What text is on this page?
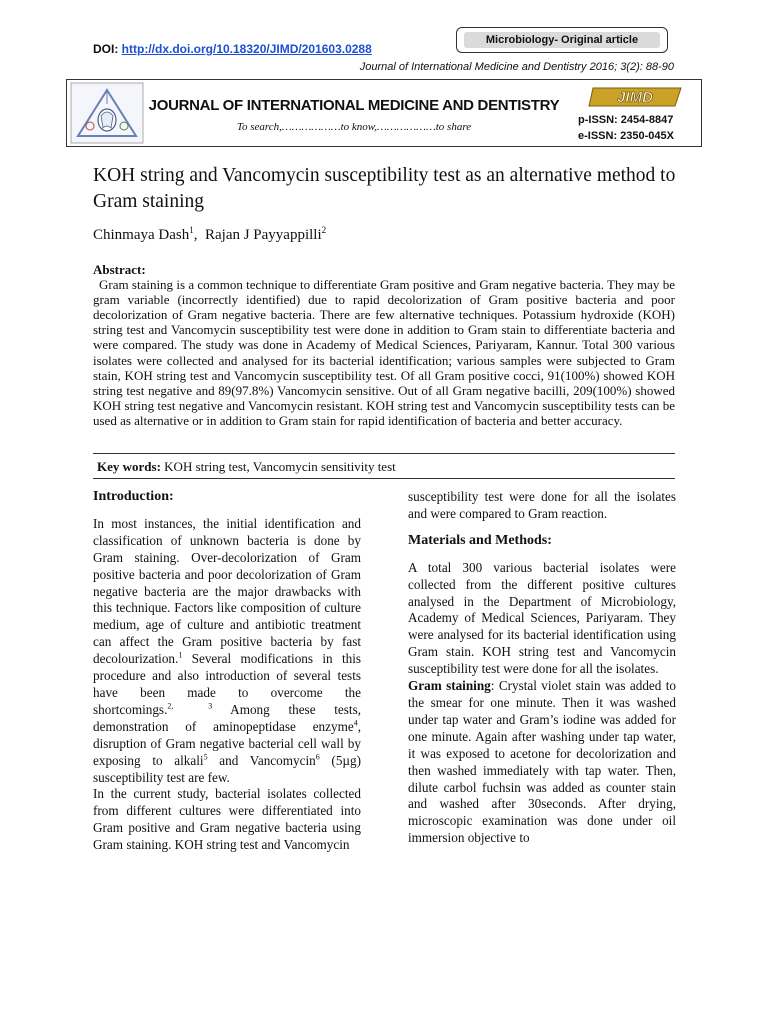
DOI: http://dx.doi.org/10.18320/JIMD/201603.0288
Microbiology- Original article
Journal of International Medicine and Dentistry 2016; 3(2): 88-90
JOURNAL OF INTERNATIONAL MEDICINE AND DENTISTRY
To search,………………to know,………………to share
JIMD
p-ISSN: 2454-8847
e-ISSN: 2350-045X
KOH string and Vancomycin susceptibility test as an alternative method to Gram staining
Chinmaya Dash$^1$,  Rajan J Payyappilli$^2$
Abstract:
Gram staining is a common technique to differentiate Gram positive and Gram negative bacteria. They may be gram variable (incorrectly identified) due to rapid decolorization of Gram positive bacteria and poor decolorization of Gram negative bacteria. There are few alternative techniques. Potassium hydroxide (KOH) string test and Vancomycin susceptibility test were done in addition to Gram stain to differentiate bacteria and were compared. The study was done in Academy of Medical Sciences, Pariyaram, Kannur. Total 300 various isolates were collected and analysed for its bacterial identification; various samples were subjected to Gram stain, KOH string test and Vancomycin susceptibility test. Of all Gram positive cocci, 91(100%) showed KOH string test negative and 89(97.8%) Vancomycin sensitive. Out of all Gram negative bacilli, 209(100%) showed KOH string test negative and Vancomycin resistant. KOH string test and Vancomycin susceptibility tests can be used as alternative or in addition to Gram stain for rapid identification of bacteria and better accuracy.
Key words: KOH string test, Vancomycin sensitivity test
Introduction:

In most instances, the initial identification and classification of unknown bacteria is done by Gram staining. Over-decolorization of Gram positive bacteria and poor decolorization of Gram negative bacteria are the major drawbacks with this technique. Factors like composition of culture medium, age of culture and antibiotic treatment can affect the Gram positive bacteria by fast decolourization.$^1$ Several modifications in this procedure and also introduction of several tests have been made to overcome the shortcomings.$^{2, 3}$ Among these tests, demonstration of aminopeptidase enzyme$^4$, disruption of Gram negative bacterial cell wall by exposing to alkali$^5$ and Vancomycin$^6$ (5µg) susceptibility test are few.

In the current study, bacterial isolates collected from different cultures were differentiated into Gram positive and Gram negative bacteria using Gram staining. KOH string test and Vancomycin

susceptibility test were done for all the isolates and were compared to Gram reaction.

Materials and Methods:

A total 300 various bacterial isolates were collected from the different positive cultures analysed in the Department of Microbiology, Academy of Medical Sciences, Pariyaram. They were analysed for its bacterial identification using Gram stain. KOH string test and Vancomycin susceptibility test were done for all the isolates.

Gram staining: Crystal violet stain was added to the smear for one minute. Then it was washed under tap water and Gram’s iodine was added for one minute. Again after washing under tap water, it was exposed to acetone for decolorization and then washed immediately with tap water. Then, dilute carbol fuchsin was added as counter stain and washed after 30seconds. After drying, microscopic examination was done under oil immersion objective to
